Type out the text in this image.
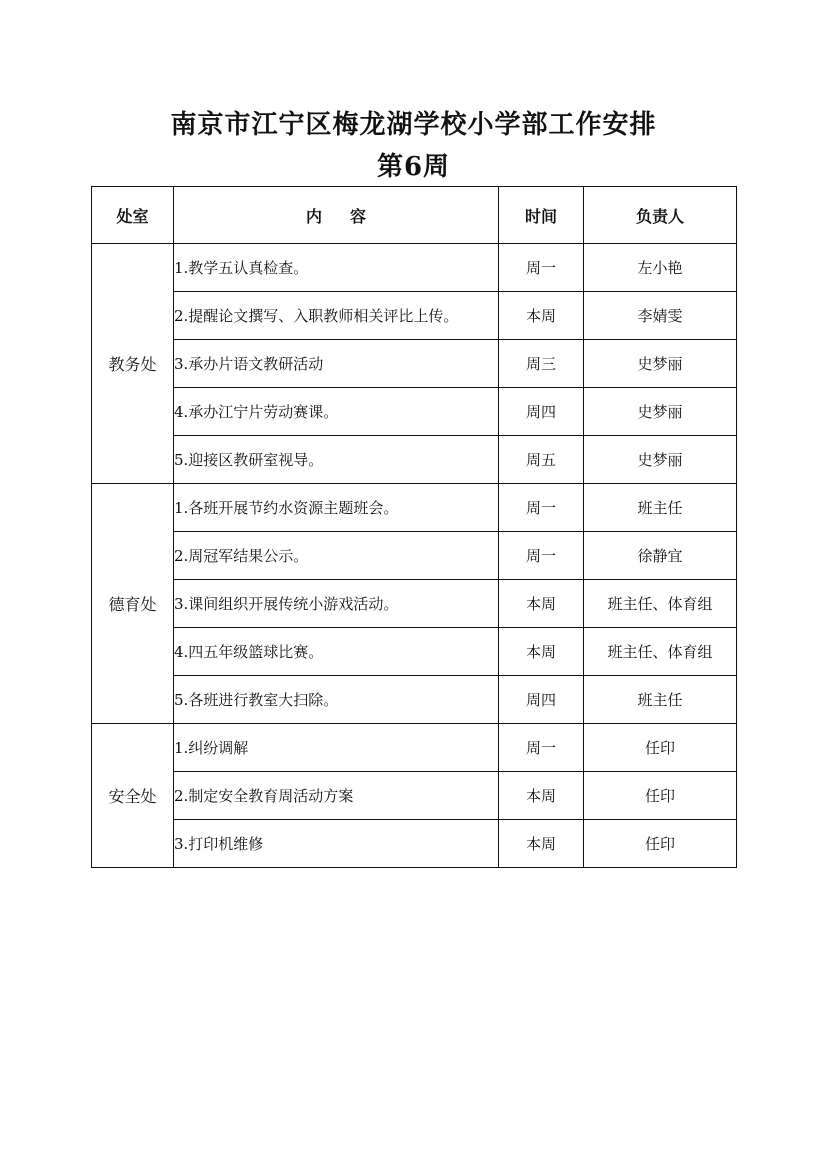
南京市江宁区梅龙湖学校小学部工作安排
第6周
处室	内 容	时间	负责人
教务处	1.教学五认真检查。	周一	左小艳
	2.提醒论文撰写、入职教师相关评比上传。	本周	李婧雯
	3.承办片语文教研活动	周三	史梦丽
	4.承办江宁片劳动赛课。	周四	史梦丽
	5.迎接区教研室视导。	周五	史梦丽
德育处	1.各班开展节约水资源主题班会。	周一	班主任
	2.周冠军结果公示。	周一	徐静宜
	3.课间组织开展传统小游戏活动。	本周	班主任、体育组
	4.四五年级篮球比赛。	本周	班主任、体育组
	5.各班进行教室大扫除。	周四	班主任
安全处	1.纠纷调解	周一	任印
	2.制定安全教育周活动方案	本周	任印
	3.打印机维修	本周	任印
